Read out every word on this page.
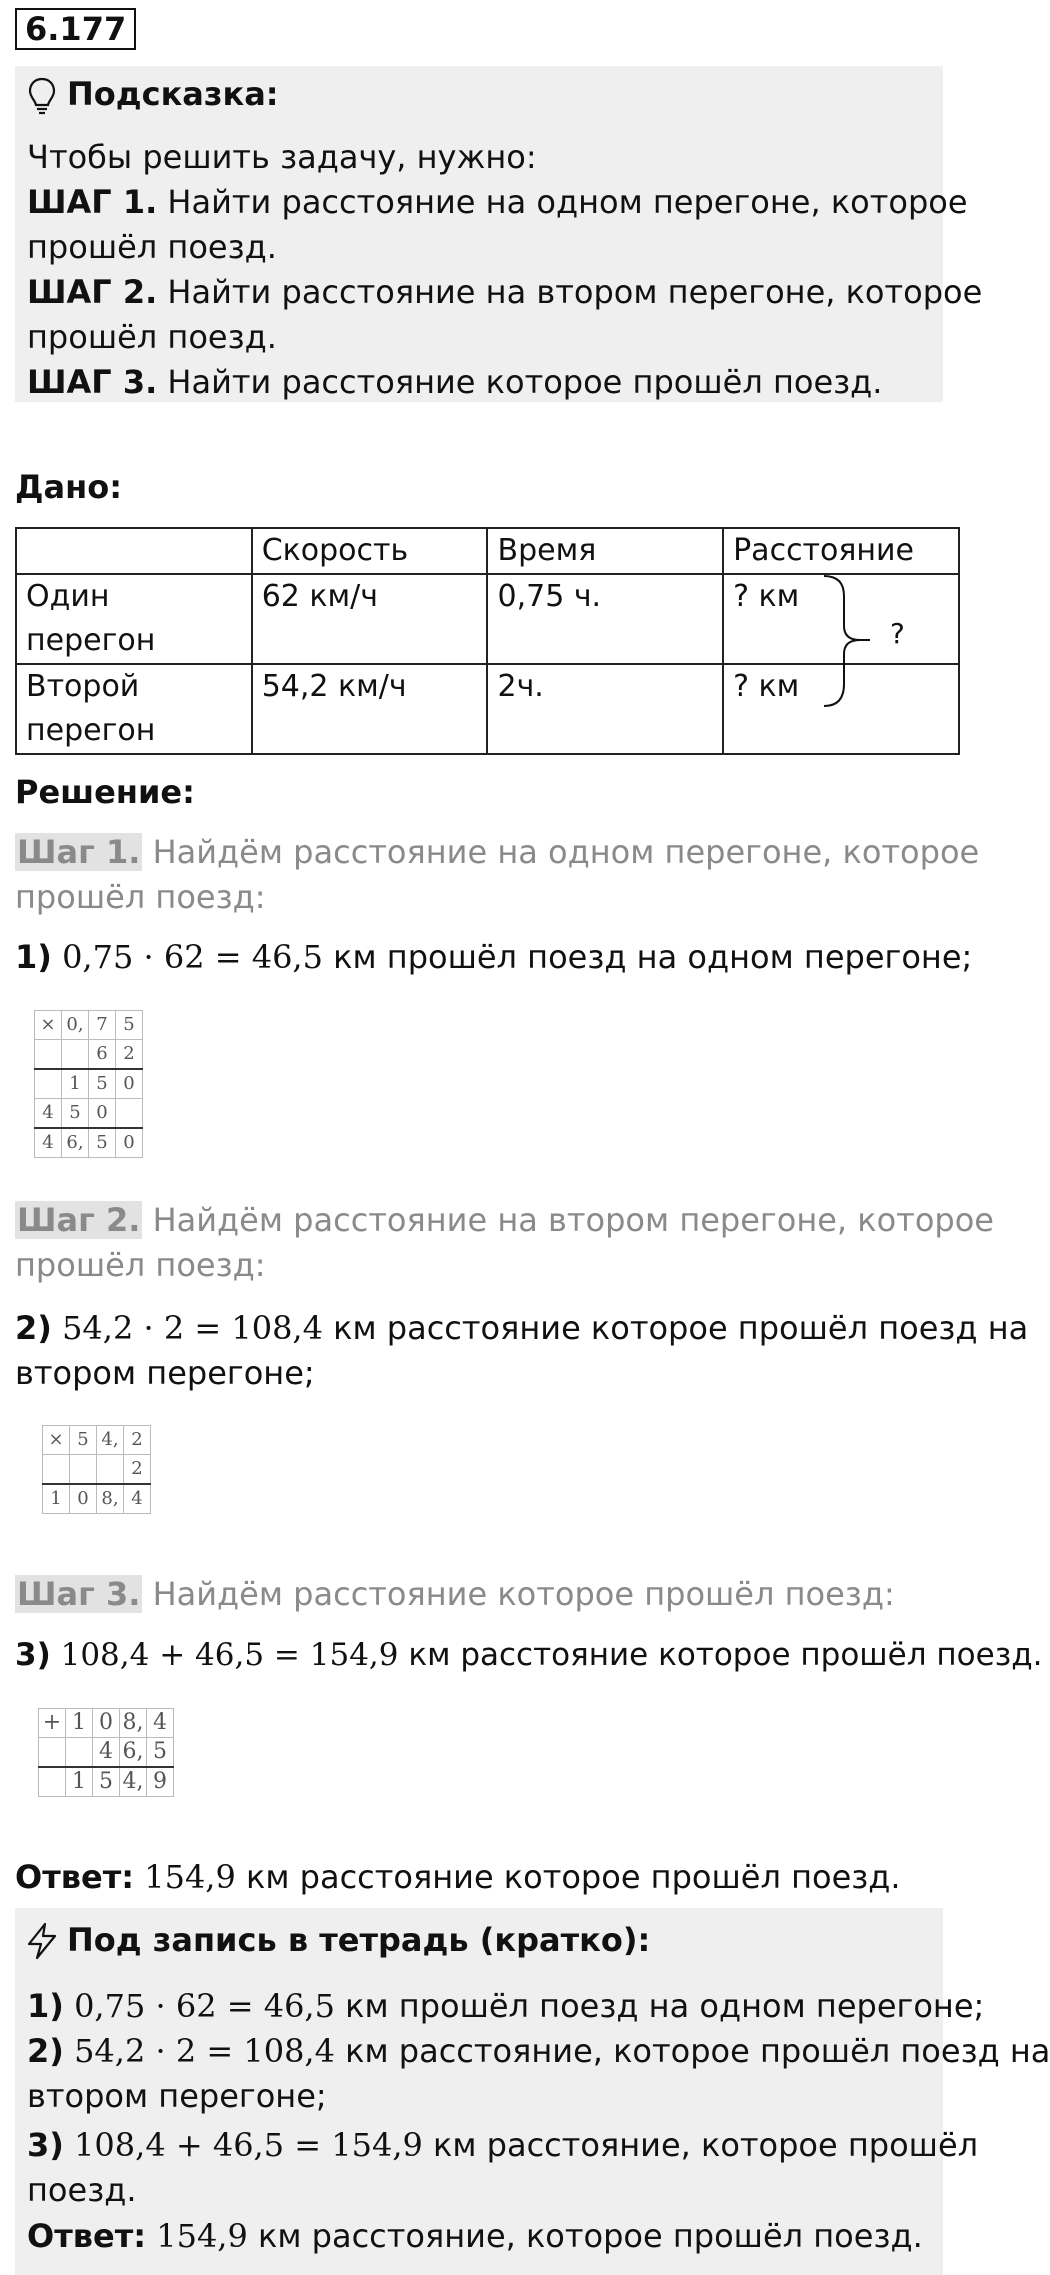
6.177
Подсказка:
Чтобы решить задачу, нужно:
ШАГ 1. Найти расстояние на одном перегоне, которое
прошёл поезд.
ШАГ 2. Найти расстояние на втором перегоне, которое
прошёл поезд.
ШАГ 3. Найти расстояние которое прошёл поезд.
Дано:
	Скорость	Время	Расстояние
Один перегон	62 км/ч	0,75 ч.	? км
Второй
перегон	54,2 км/ч	2ч.	? км
?
Решение:
Шаг 1. Найдём расстояние на одном перегоне, которое
прошёл поезд:
1) 0,75 · 62 = 46,5 км прошёл поезд на одном перегоне;
×	0,	7	5
		6	2
	1	5	0
4	5	0	
4	6,	5	0
Шаг 2. Найдём расстояние на втором перегоне, которое
прошёл поезд:
2) 54,2 · 2 = 108,4 км расстояние которое прошёл поезд на
втором перегоне;
×	5	4,	2
			2
1	0	8,	4
Шаг 3. Найдём расстояние которое прошёл поезд:
3) 108,4 + 46,5 = 154,9 км расстояние которое прошёл поезд.
+	1	0	8,	4
		4	6,	5
	1	5	4,	9
Ответ: 154,9 км расстояние которое прошёл поезд.
Под запись в тетрадь (кратко):
1) 0,75 · 62 = 46,5 км прошёл поезд на одном перегоне;
2) 54,2 · 2 = 108,4 км расстояние, которое прошёл поезд на
втором перегоне;
3) 108,4 + 46,5 = 154,9 км расстояние, которое прошёл
поезд.
Ответ: 154,9 км расстояние, которое прошёл поезд.
